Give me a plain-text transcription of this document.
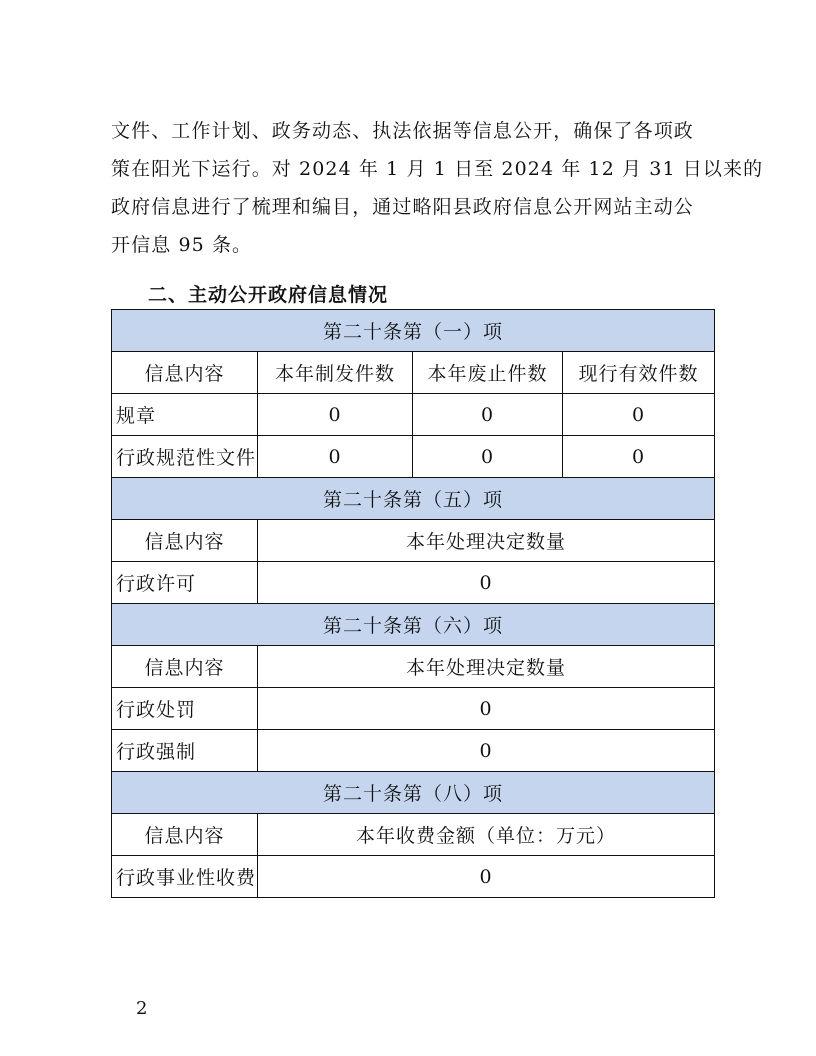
文件、工作计划、政务动态、执法依据等信息公开，确保了各项政

策在阳光下运行。对 2024 年 1 月 1 日至 2024 年 12 月 31 日以来的

政府信息进行了梳理和编目，通过略阳县政府信息公开网站主动公

开信息 95 条。

二、主动公开政府信息情况
第二十条第（一）项			
信息内容	本年制发件数	本年废止件数	现行有效件数
规章	0	0	0
行政规范性文件	0	0	0
第二十条第（五）项			
信息内容	本年处理决定数量		
行政许可	0		
第二十条第（六）项			
信息内容	本年处理决定数量		
行政处罚	0		
行政强制	0		
第二十条第（八）项			
信息内容	本年收费金额（单位：万元）		
行政事业性收费	0		
2
